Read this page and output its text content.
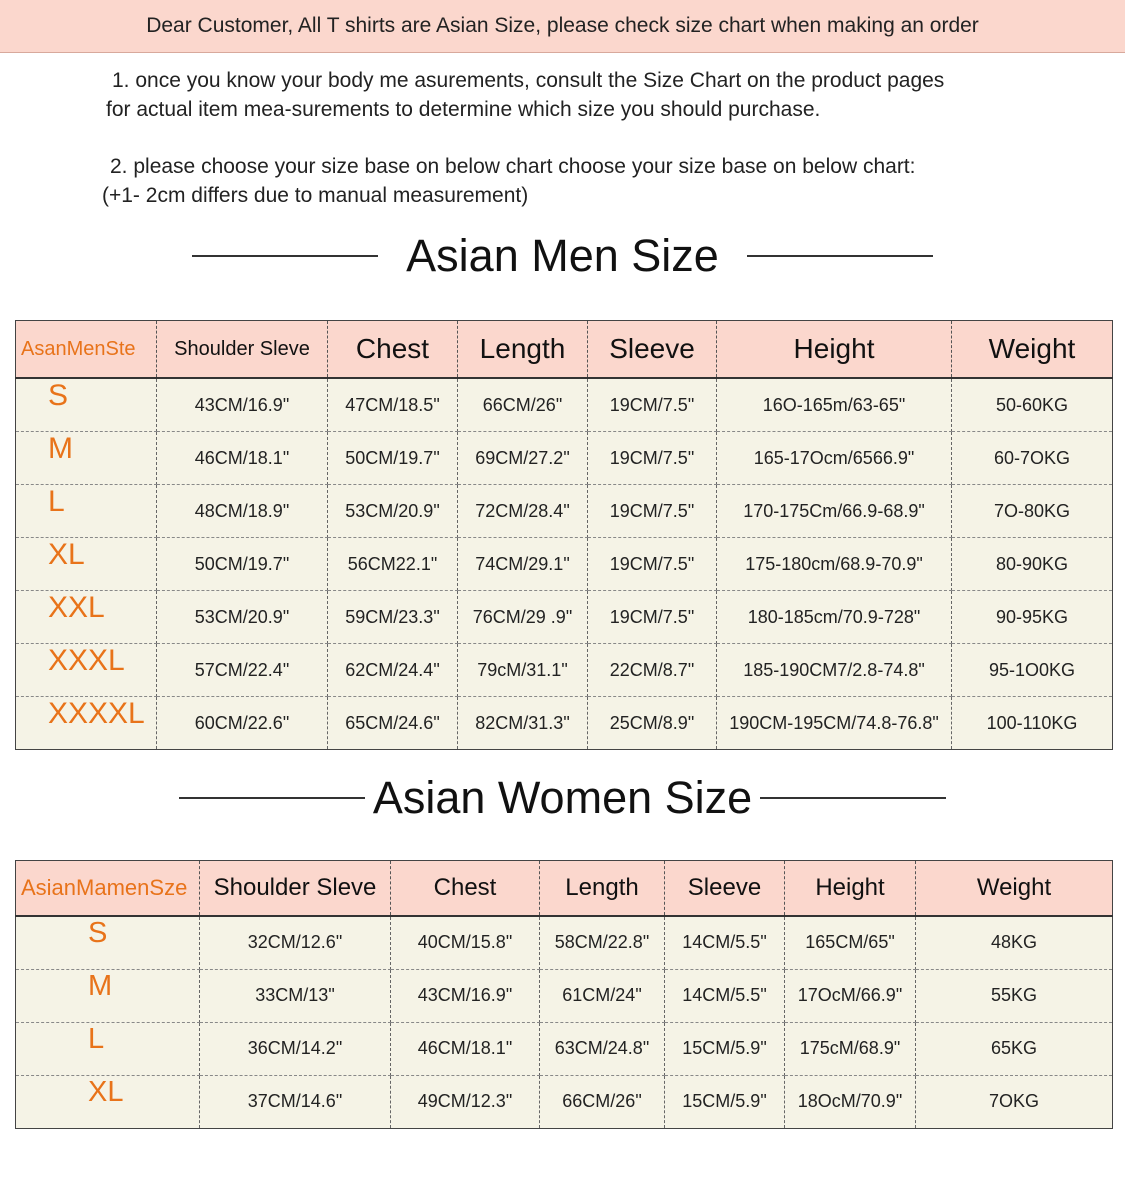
Dear Customer, All T shirts are Asian Size, please check size chart when making an order
1. once you know your body me asurements, consult the Size Chart on the product pages
for actual item mea-surements to determine which size you should purchase.
2. please choose your size base on below chart choose your size base on below chart:
(+1- 2cm differs due to manual measurement)
Asian Men Size
AsanMenSte	Shoulder Sleve	Chest	Length	Sleeve	Height	Weight
S	43CM/16.9"	47CM/18.5"	66CM/26"	19CM/7.5"	16O-165m/63-65"	50-60KG
M	46CM/18.1"	50CM/19.7"	69CM/27.2"	19CM/7.5"	165-17Ocm/6566.9"	60-7OKG
L	48CM/18.9"	53CM/20.9"	72CM/28.4"	19CM/7.5"	170-175Cm/66.9-68.9"	7O-80KG
XL	50CM/19.7"	56CM22.1"	74CM/29.1"	19CM/7.5"	175-180cm/68.9-70.9"	80-90KG
XXL	53CM/20.9"	59CM/23.3"	76CM/29 .9"	19CM/7.5"	180-185cm/70.9-728"	90-95KG
XXXL	57CM/22.4"	62CM/24.4"	79cM/31.1"	22CM/8.7"	185-190CM7/2.8-74.8"	95-1O0KG
XXXXL	60CM/22.6"	65CM/24.6"	82CM/31.3"	25CM/8.9"	190CM-195CM/74.8-76.8"	100-110KG
Asian Women Size
AsianMamenSze	Shoulder Sleve	Chest	Length	Sleeve	Height	Weight
S	32CM/12.6"	40CM/15.8"	58CM/22.8"	14CM/5.5"	165CM/65"	48KG
M	33CM/13"	43CM/16.9"	61CM/24"	14CM/5.5"	17OcM/66.9"	55KG
L	36CM/14.2"	46CM/18.1"	63CM/24.8"	15CM/5.9"	175cM/68.9"	65KG
XL	37CM/14.6"	49CM/12.3"	66CM/26"	15CM/5.9"	18OcM/70.9"	7OKG
